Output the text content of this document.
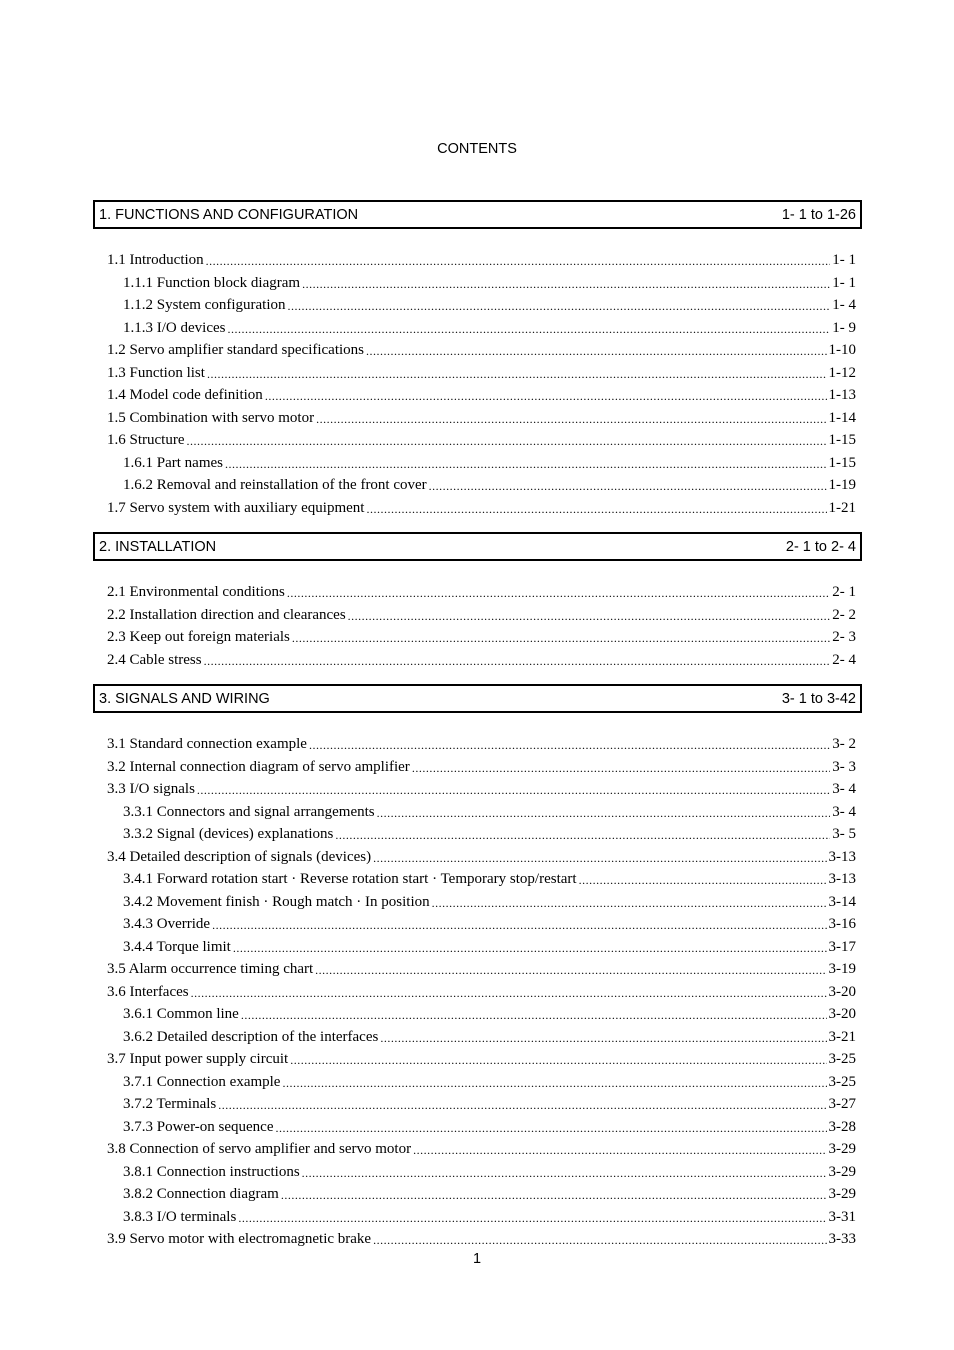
CONTENTS
1. FUNCTIONS AND CONFIGURATION	1- 1 to 1-26
1.1 Introduction .....	1- 1
1.1.1 Function block diagram .....	1- 1
1.1.2 System configuration .....	1- 4
1.1.3 I/O devices .....	1- 9
1.2 Servo amplifier standard specifications .....	1-10
1.3 Function list .....	1-12
1.4 Model code definition .....	1-13
1.5 Combination with servo motor .....	1-14
1.6 Structure .....	1-15
1.6.1 Part names .....	1-15
1.6.2 Removal and reinstallation of the front cover .....	1-19
1.7 Servo system with auxiliary equipment .....	1-21
2. INSTALLATION	2- 1 to 2- 4
2.1 Environmental conditions .....	2- 1
2.2 Installation direction and clearances .....	2- 2
2.3 Keep out foreign materials .....	2- 3
2.4 Cable stress .....	2- 4
3. SIGNALS AND WIRING	3- 1 to 3-42
3.1 Standard connection example .....	3- 2
3.2 Internal connection diagram of servo amplifier .....	3- 3
3.3 I/O signals .....	3- 4
3.3.1 Connectors and signal arrangements .....	3- 4
3.3.2 Signal (devices) explanations .....	3- 5
3.4 Detailed description of signals (devices) .....	3-13
3.4.1 Forward rotation start · Reverse rotation start · Temporary stop/restart .....	3-13
3.4.2 Movement finish · Rough match · In position .....	3-14
3.4.3 Override .....	3-16
3.4.4 Torque limit .....	3-17
3.5 Alarm occurrence timing chart .....	3-19
3.6 Interfaces .....	3-20
3.6.1 Common line .....	3-20
3.6.2 Detailed description of the interfaces .....	3-21
3.7 Input power supply circuit .....	3-25
3.7.1 Connection example .....	3-25
3.7.2 Terminals .....	3-27
3.7.3 Power-on sequence .....	3-28
3.8 Connection of servo amplifier and servo motor .....	3-29
3.8.1 Connection instructions .....	3-29
3.8.2 Connection diagram .....	3-29
3.8.3 I/O terminals .....	3-31
3.9 Servo motor with electromagnetic brake .....	3-33
1
